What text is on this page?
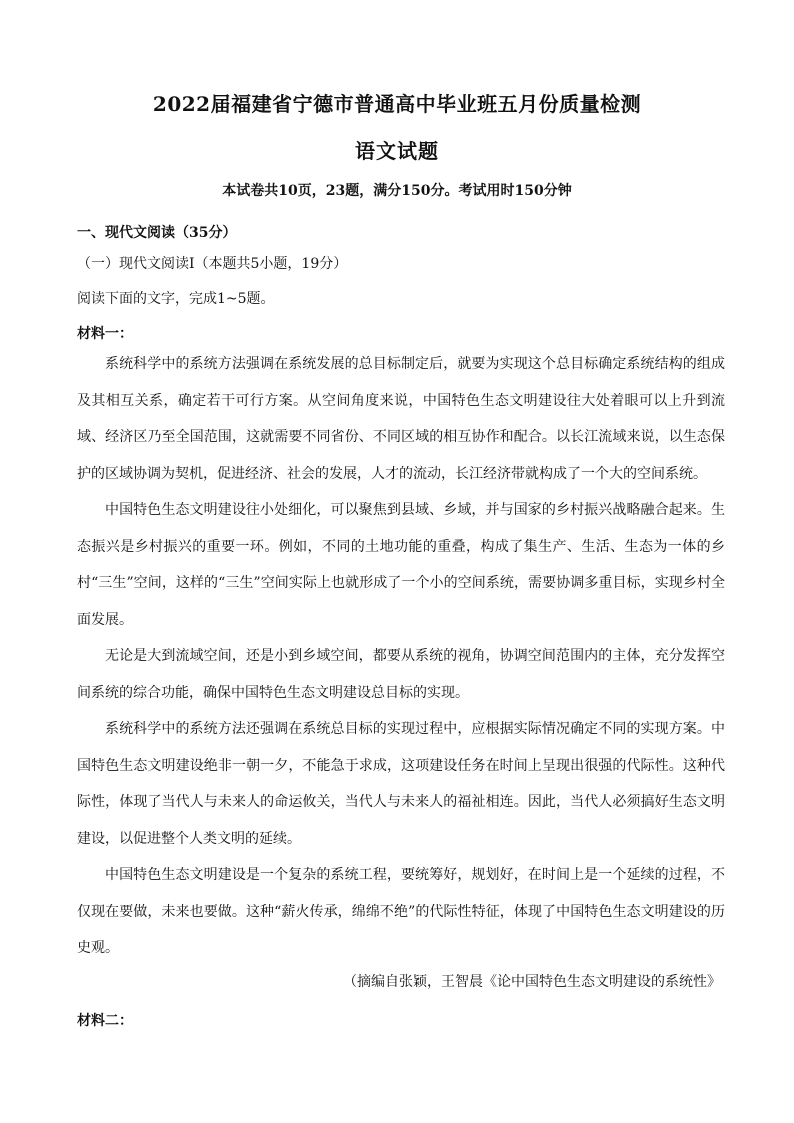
2022届福建省宁德市普通高中毕业班五月份质量检测
语文试题
本试卷共10页，23题，满分150分。考试用时150分钟
一、现代文阅读（35分）
（一）现代文阅读Ⅰ（本题共5小题，19分）
阅读下面的文字，完成1~5题。
材料一：

系统科学中的系统方法强调在系统发展的总目标制定后，就要为实现这个总目标确定系统结构的组成及其相互关系，确定若干可行方案。从空间角度来说，中国特色生态文明建设往大处着眼可以上升到流域、经济区乃至全国范围，这就需要不同省份、不同区域的相互协作和配合。以长江流域来说，以生态保护的区域协调为契机，促进经济、社会的发展，人才的流动，长江经济带就构成了一个大的空间系统。

中国特色生态文明建设往小处细化，可以聚焦到县域、乡域，并与国家的乡村振兴战略融合起来。生态振兴是乡村振兴的重要一环。例如，不同的土地功能的重叠，构成了集生产、生活、生态为一体的乡村“三生”空间，这样的“三生”空间实际上也就形成了一个小的空间系统，需要协调多重目标，实现乡村全面发展。

无论是大到流域空间，还是小到乡域空间，都要从系统的视角，协调空间范围内的主体，充分发挥空间系统的综合功能，确保中国特色生态文明建设总目标的实现。

系统科学中的系统方法还强调在系统总目标的实现过程中，应根据实际情况确定不同的实现方案。中国特色生态文明建设绝非一朝一夕，不能急于求成，这项建设任务在时间上呈现出很强的代际性。这种代际性，体现了当代人与未来人的命运攸关，当代人与未来人的福祉相连。因此，当代人必须搞好生态文明建设，以促进整个人类文明的延续。

中国特色生态文明建设是一个复杂的系统工程，要统筹好，规划好，在时间上是一个延续的过程，不仅现在要做，未来也要做。这种“薪火传承，绵绵不绝”的代际性特征，体现了中国特色生态文明建设的历史观。

（摘编自张颖，王智晨《论中国特色生态文明建设的系统性》
材料二：
